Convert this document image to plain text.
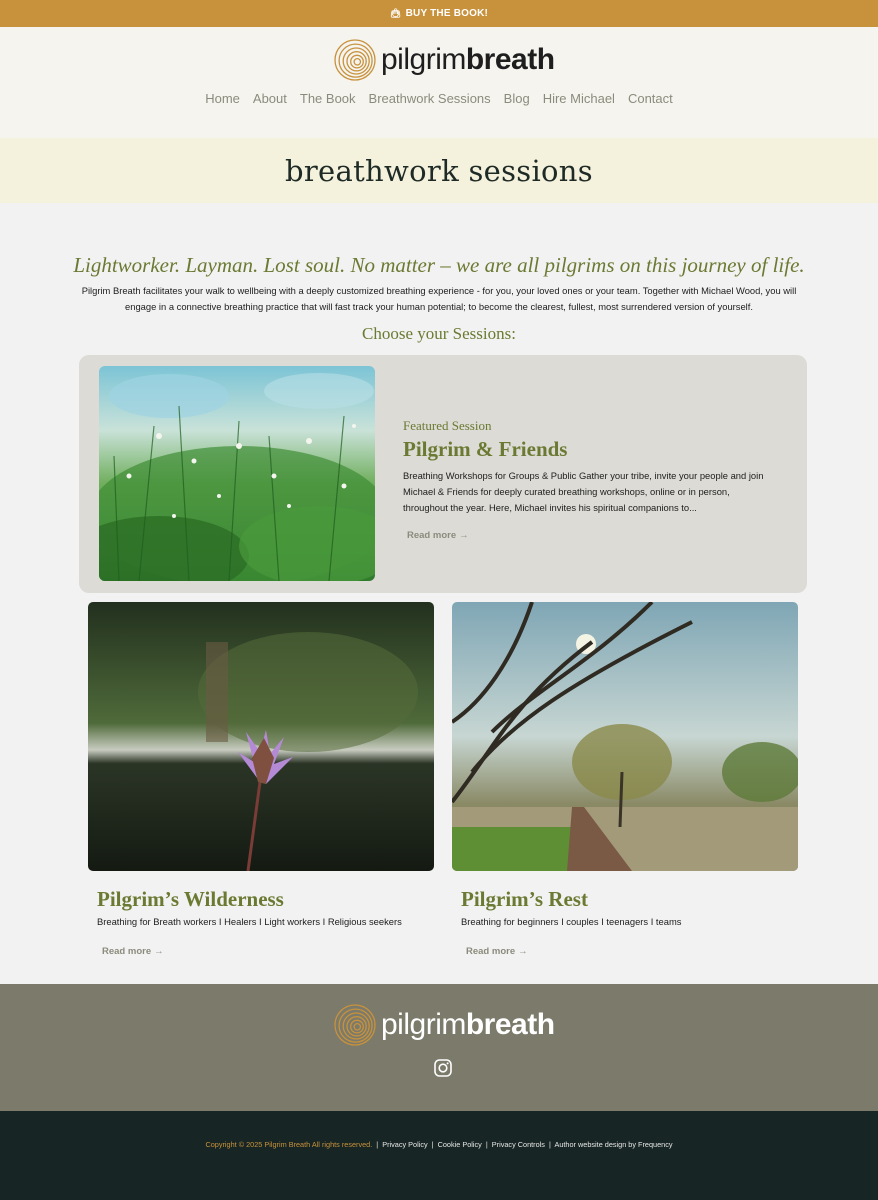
👜︎ BUY THE BOOK!
pilgrimbreath
Home About The Book Breathwork Sessions Blog Hire Michael Contact
breathwork sessions
Lightworker. Layman. Lost soul. No matter – we are all pilgrims on this journey of life.
Pilgrim Breath facilitates your walk to wellbeing with a deeply customized breathing experience - for you, your loved ones or your team. Together with Michael Wood, you will engage in a connective breathing practice that will fast track your human potential; to become the clearest, fullest, most surrendered version of yourself.
Choose your Sessions:
Featured Session
Pilgrim & Friends
Breathing Workshops for Groups & Public Gather your tribe, invite your people and join Michael & Friends for deeply curated breathing workshops, online or in person, throughout the year. Here, Michael invites his spiritual companions to...
Read more →
Pilgrim’s Wilderness
Breathing for Breath workers I Healers I Light workers I Religious seekers
Read more →
Pilgrim’s Rest
Breathing for beginners I couples I teenagers I teams
Read more →
pilgrimbreath
Copyright © 2025 Pilgrim Breath All rights reserved. | Privacy Policy | Cookie Policy | Privacy Controls | Author website design by Frequency
